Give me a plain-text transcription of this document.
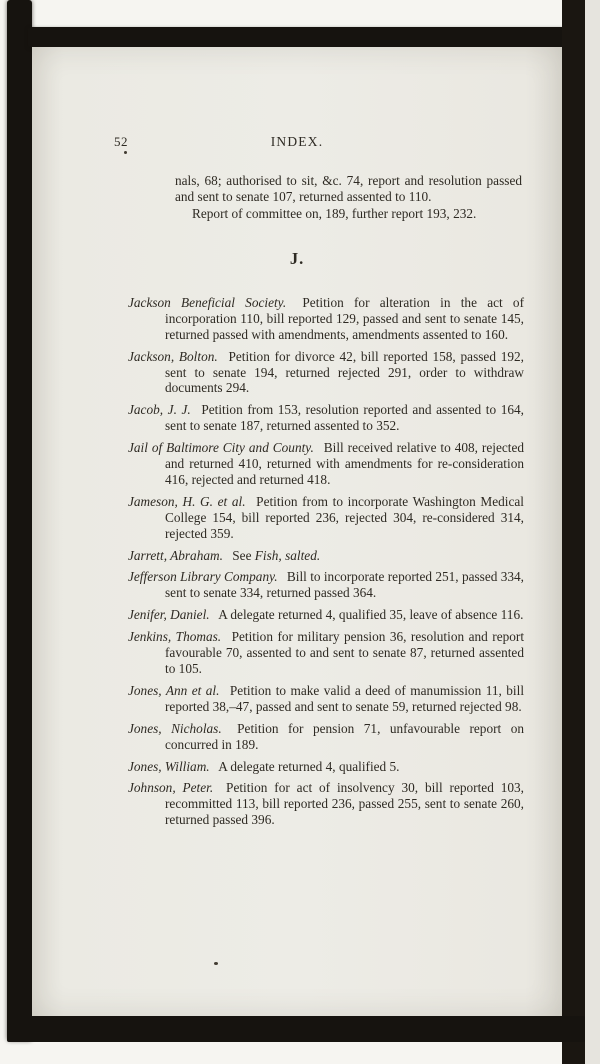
52	INDEX.

nals, 68; authorised to sit, &c. 74, report and resolution passed and sent to senate 107, returned assented to 110.

Report of committee on, 189, further report 193, 232.

J.

Jackson Beneficial Society. Petition for alteration in the act of incorporation 110, bill reported 129, passed and sent to senate 145, returned passed with amendments, amendments assented to 160.

Jackson, Bolton. Petition for divorce 42, bill reported 158, passed 192, sent to senate 194, returned rejected 291, order to withdraw documents 294.

Jacob, J. J. Petition from 153, resolution reported and assented to 164, sent to senate 187, returned assented to 352.

Jail of Baltimore City and County. Bill received relative to 408, rejected and returned 410, returned with amendments for re-consideration 416, rejected and returned 418.

Jameson, H. G. et al. Petition from to incorporate Washington Medical College 154, bill reported 236, rejected 304, re-considered 314, rejected 359.

Jarrett, Abraham. See Fish, salted.

Jefferson Library Company. Bill to incorporate reported 251, passed 334, sent to senate 334, returned passed 364.

Jenifer, Daniel. A delegate returned 4, qualified 35, leave of absence 116.

Jenkins, Thomas. Petition for military pension 36, resolution and report favourable 70, assented to and sent to senate 87, returned assented to 105.

Jones, Ann et al. Petition to make valid a deed of manumission 11, bill reported 38,–47, passed and sent to senate 59, returned rejected 98.

Jones, Nicholas. Petition for pension 71, unfavourable report on concurred in 189.

Jones, William. A delegate returned 4, qualified 5.

Johnson, Peter. Petition for act of insolvency 30, bill reported 103, recommitted 113, bill reported 236, passed 255, sent to senate 260, returned passed 396.
